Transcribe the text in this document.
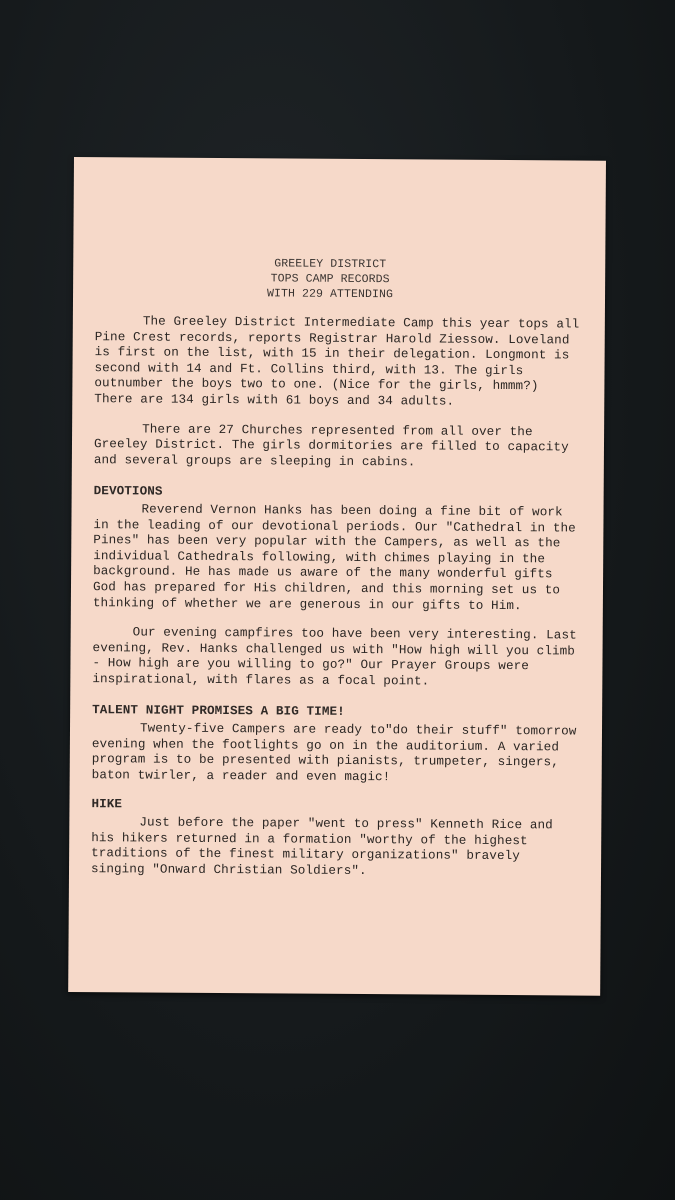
GREELEY DISTRICT
TOPS CAMP RECORDS
WITH 229 ATTENDING

The Greeley District Intermediate Camp this year tops all Pine Crest records, reports Registrar Harold Ziessow. Loveland is first on the list, with 15 in their delegation. Longmont is second with 14 and Ft. Collins third, with 13. The girls outnumber the boys two to one. (Nice for the girls, hmmm?) There are 134 girls with 61 boys and 34 adults.

There are 27 Churches represented from all over the Greeley District. The girls dormitories are filled to capacity and several groups are sleeping in cabins.

DEVOTIONS

Reverend Vernon Hanks has been doing a fine bit of work in the leading of our devotional periods. Our "Cathedral in the Pines" has been very popular with the Campers, as well as the individual Cathedrals following, with chimes playing in the background. He has made us aware of the many wonderful gifts God has prepared for His children, and this morning set us to thinking of whether we are generous in our gifts to Him.

Our evening campfires too have been very interesting. Last evening, Rev. Hanks challenged us with "How high will you climb - How high are you willing to go?" Our Prayer Groups were inspirational, with flares as a focal point.

TALENT NIGHT PROMISES A BIG TIME!

Twenty-five Campers are ready to"do their stuff" tomorrow evening when the footlights go on in the auditorium. A varied program is to be presented with pianists, trumpeter, singers, baton twirler, a reader and even magic!

HIKE

Just before the paper "went to press" Kenneth Rice and his hikers returned in a formation "worthy of the highest traditions of the finest military organizations" bravely singing "Onward Christian Soldiers".
